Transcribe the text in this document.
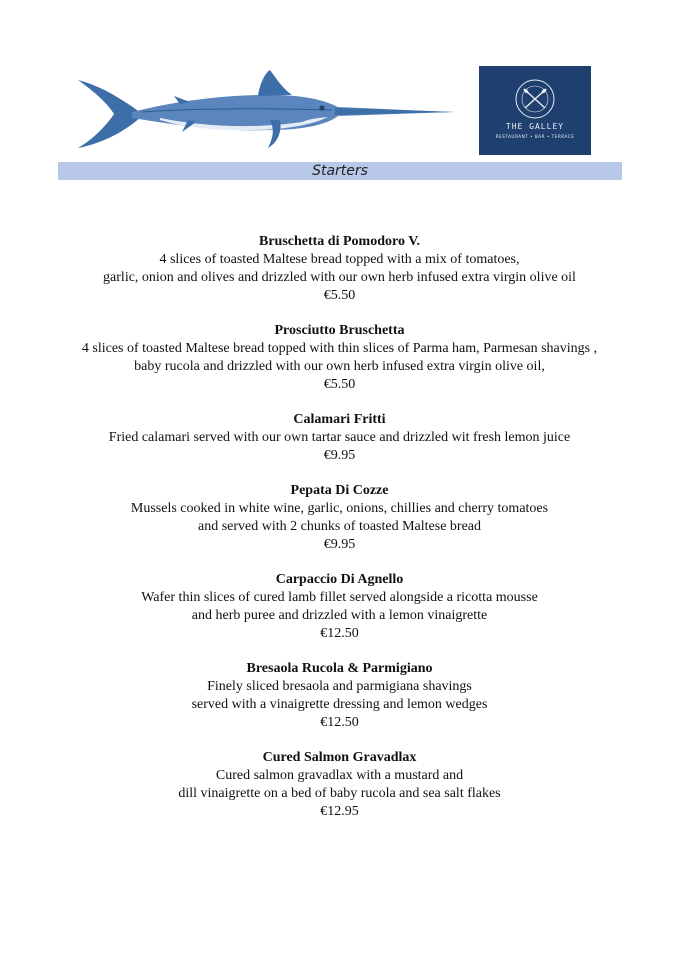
THE GALLEY
RESTAURANT • BAR • TERRACE
Starters
Bruschetta di Pomodoro V.
4 slices of toasted Maltese bread topped with a mix of tomatoes,
garlic, onion and olives and drizzled with our own herb infused extra virgin olive oil
€5.50
Prosciutto Bruschetta
4 slices of toasted Maltese bread topped with thin slices of Parma ham, Parmesan shavings ,
baby rucola and drizzled with our own herb infused extra virgin olive oil,
€5.50
Calamari Fritti
Fried calamari served with our own tartar sauce and drizzled wit fresh lemon juice
€9.95
Pepata Di Cozze
Mussels cooked in white wine, garlic, onions, chillies and cherry tomatoes
and served with 2 chunks of toasted Maltese bread
€9.95
Carpaccio Di Agnello
Wafer thin slices of cured lamb fillet served alongside a ricotta mousse
and herb puree and drizzled with a lemon vinaigrette
€12.50
Bresaola Rucola & Parmigiano
Finely sliced bresaola and parmigiana shavings
served with a vinaigrette dressing and lemon wedges
€12.50
Cured Salmon Gravadlax
Cured salmon gravadlax with a mustard and
dill vinaigrette on a bed of baby rucola and sea salt flakes
€12.95
